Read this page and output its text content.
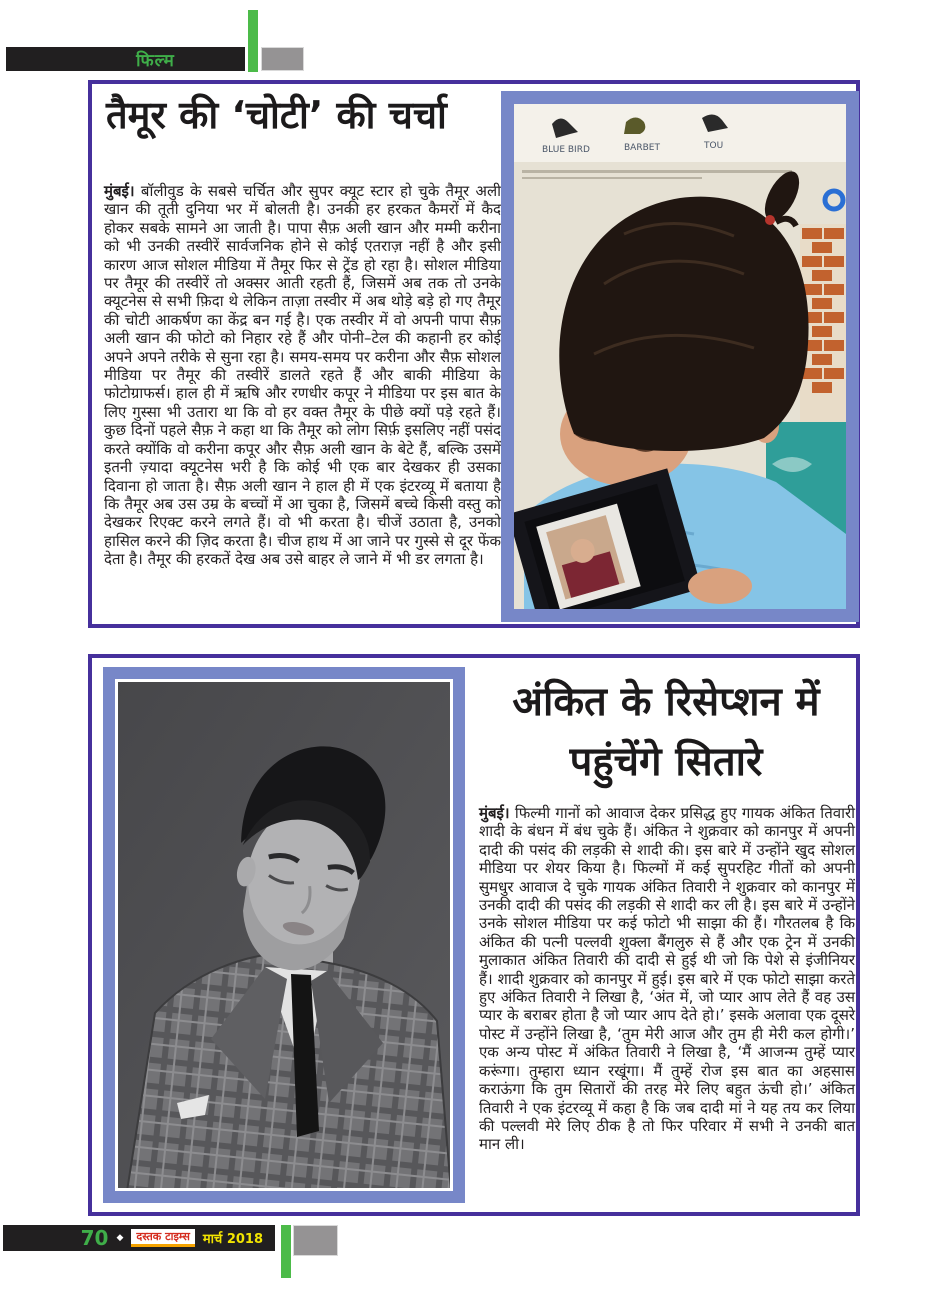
फिल्म
तैमूर की ‘चोटी’ की चर्चा
मुंबई। बॉलीवुड के सबसे चर्चित और सुपर क्यूट स्टार हो चुके तैमूर अली खान की तूती दुनिया भर में बोलती है। उनकी हर हरकत कैमरों में कैद होकर सबके सामने आ जाती है। पापा सैफ़ अली खान और मम्मी करीना को भी उनकी तस्वीरें सार्वजनिक होने से कोई एतराज़ नहीं है और इसी कारण आज सोशल मीडिया में तैमूर फिर से ट्रेंड हो रहा है। सोशल मीडिया पर तैमूर की तस्वीरें तो अक्सर आती रहती हैं, जिसमें अब तक तो उनके क्यूटनेस से सभी फ़िदा थे लेकिन ताज़ा तस्वीर में अब थोड़े बड़े हो गए तैमूर की चोटी आकर्षण का केंद्र बन गई है। एक तस्वीर में वो अपनी पापा सैफ़ अली खान की फोटो को निहार रहे हैं और पोनी–टेल की कहानी हर कोई अपने अपने तरीके से सुना रहा है। समय-समय पर करीना और सैफ़ सोशल मीडिया पर तैमूर की तस्वीरें डालते रहते हैं और बाकी मीडिया के फोटोग्राफर्स। हाल ही में ऋषि और रणधीर कपूर ने मीडिया पर इस बात के लिए गुस्सा भी उतारा था कि वो हर वक्त तैमूर के पीछे क्यों पड़े रहते हैं। कुछ दिनों पहले सैफ़ ने कहा था कि तैमूर को लोग सिर्फ़ इसलिए नहीं पसंद करते क्योंकि वो करीना कपूर और सैफ़ अली खान के बेटे हैं, बल्कि उसमें इतनी ज़्यादा क्यूटनेस भरी है कि कोई भी एक बार देखकर ही उसका दिवाना हो जाता है। सैफ़ अली खान ने हाल ही में एक इंटरव्यू में बताया है कि तैमूर अब उस उम्र के बच्चों में आ चुका है, जिसमें बच्चे किसी वस्तु को देखकर रिएक्ट करने लगते हैं। वो भी करता है। चीजें उठाता है, उनको हासिल करने की ज़िद करता है। चीज हाथ में आ जाने पर गुस्से से दूर फेंक देता है। तैमूर की हरकतें देख अब उसे बाहर ले जाने में भी डर लगता है।
BLUE BIRD	BARBET	TOU
अंकित के रिसेप्शन में
पहुंचेंगे सितारे
मुंबई। फिल्मी गानों को आवाज देकर प्रसिद्ध हुए गायक अंकित तिवारी शादी के बंधन में बंध चुके हैं। अंकित ने शुक्रवार को कानपुर में अपनी दादी की पसंद की लड़की से शादी की। इस बारे में उन्होंने खुद सोशल मीडिया पर शेयर किया है। फिल्मों में कई सुपरहिट गीतों को अपनी सुमधुर आवाज दे चुके गायक अंकित तिवारी ने शुक्रवार को कानपुर में उनकी दादी की पसंद की लड़की से शादी कर ली है। इस बारे में उन्होंने उनके सोशल मीडिया पर कई फोटो भी साझा की हैं। गौरतलब है कि अंकित की पत्नी पल्लवी शुक्ला बैंगलुरु से हैं और एक ट्रेन में उनकी मुलाकात अंकित तिवारी की दादी से हुई थी जो कि पेशे से इंजीनियर हैं। शादी शुक्रवार को कानपुर में हुई। इस बारे में एक फोटो साझा करते हुए अंकित तिवारी ने लिखा है, ‘अंत में, जो प्यार आप लेते हैं वह उस प्यार के बराबर होता है जो प्यार आप देते हो।’ इसके अलावा एक दूसरे पोस्ट में उन्होंने लिखा है, ‘तुम मेरी आज और तुम ही मेरी कल होगी।’ एक अन्य पोस्ट में अंकित तिवारी ने लिखा है, ‘मैं आजन्म तुम्हें प्यार करूंगा। तुम्हारा ध्यान रखूंगा। मैं तुम्हें रोज इस बात का अहसास कराऊंगा कि तुम सितारों की तरह मेरे लिए बहुत ऊंची हो।’ अंकित तिवारी ने एक इंटरव्यू में कहा है कि जब दादी मां ने यह तय कर लिया की पल्लवी मेरे लिए ठीक है तो फिर परिवार में सभी ने उनकी बात मान ली।
70 ◆	दस्तक टाइम्स	मार्च 2018
